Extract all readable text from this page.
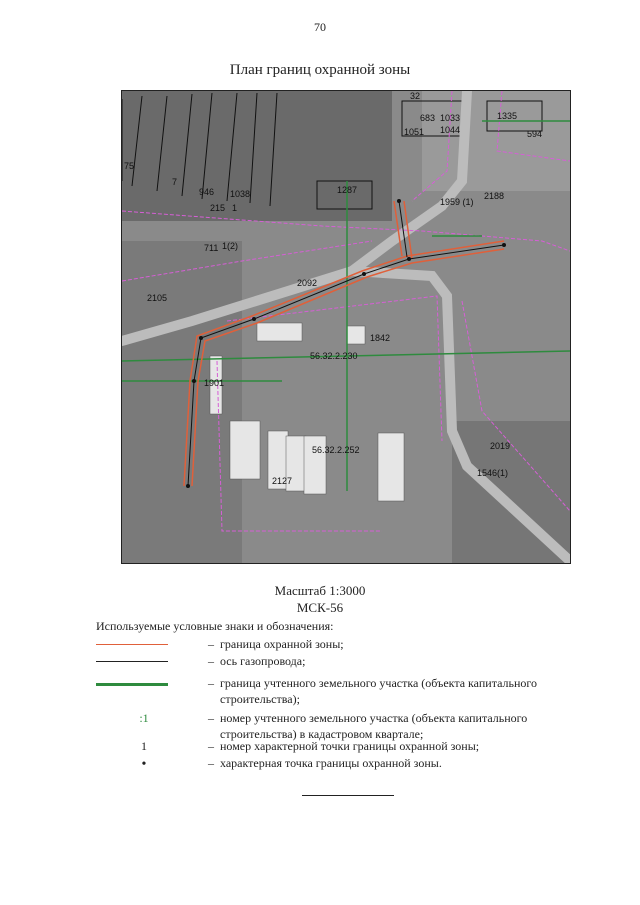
70
План границ охранной зоны
32
1335
683 1033
1044
1051	594
75
7
946 1038
215 1
2188
1287
1959 (1)
711 1(2)
2092
2105
56.32.2.230
1901
56.32.2.252
2127
2019
1546(1)
1842
Масштаб 1:3000
МСК-56
Используемые условные знаки и обозначения:
– граница охранной зоны;
– ось газопровода;
– граница учтенного земельного участка (объекта капитального строительства);
:1	– номер учтенного земельного участка (объекта капитального строительства) в кадастровом квартале;
1	– номер характерной точки границы охранной зоны;
•	– характерная точка границы охранной зоны.
